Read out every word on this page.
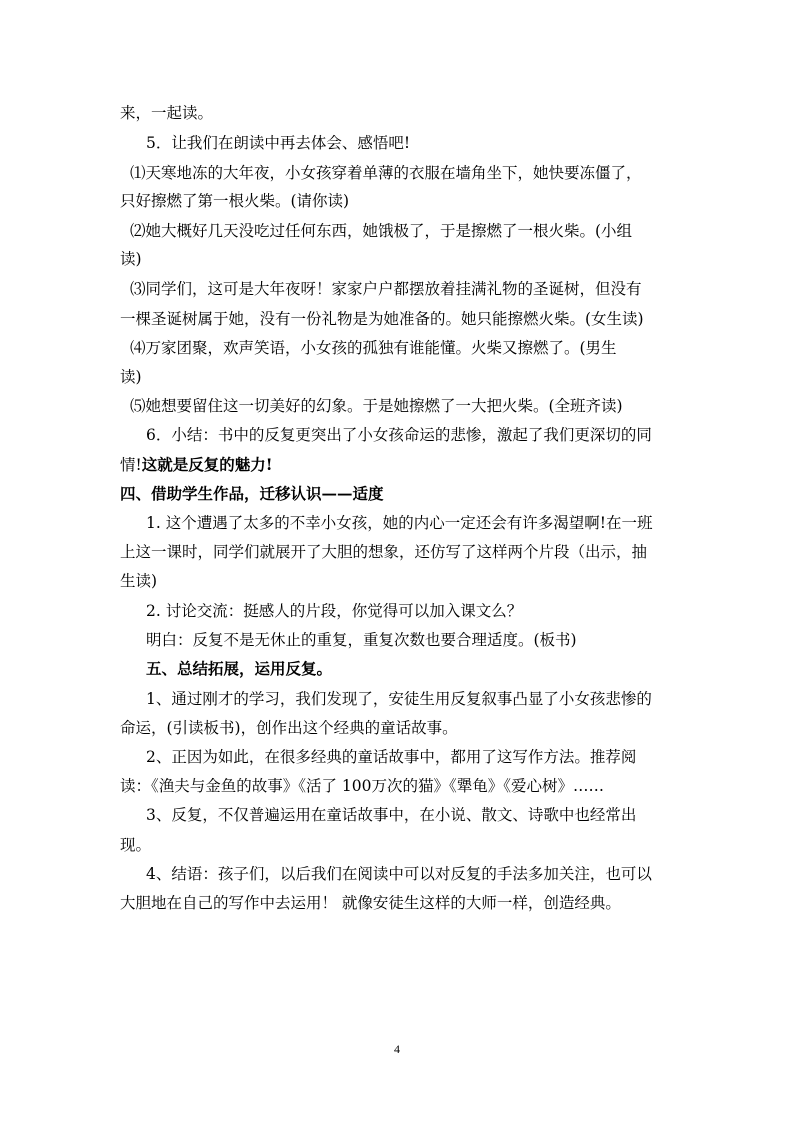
来，一起读。
5．让我们在朗读中再去体会、感悟吧!
⑴天寒地冻的大年夜，小女孩穿着单薄的衣服在墙角坐下，她快要冻僵了，
只好擦燃了第一根火柴。(请你读)
⑵她大概好几天没吃过任何东西，她饿极了，于是擦燃了一根火柴。(小组
读)
⑶同学们，这可是大年夜呀！家家户户都摆放着挂满礼物的圣诞树，但没有
一棵圣诞树属于她，没有一份礼物是为她准备的。她只能擦燃火柴。(女生读)
⑷万家团聚，欢声笑语，小女孩的孤独有谁能懂。火柴又擦燃了。(男生
读)
⑸她想要留住这一切美好的幻象。于是她擦燃了一大把火柴。(全班齐读)
6．小结：书中的反复更突出了小女孩命运的悲惨，激起了我们更深切的同
情!这就是反复的魅力!
四、借助学生作品，迁移认识——适度
1. 这个遭遇了太多的不幸小女孩，她的内心一定还会有许多渴望啊!在一班
上这一课时，同学们就展开了大胆的想象，还仿写了这样两个片段（出示，抽
生读)
2. 讨论交流：挺感人的片段，你觉得可以加入课文么？
明白：反复不是无休止的重复，重复次数也要合理适度。(板书)
五、总结拓展，运用反复。
1、通过刚才的学习，我们发现了，安徒生用反复叙事凸显了小女孩悲惨的
命运，(引读板书)，创作出这个经典的童话故事。
2、正因为如此，在很多经典的童话故事中，都用了这写作方法。推荐阅
读：《渔夫与金鱼的故事》《活了 100万次的猫》《犟龟》《爱心树》……
3、反复，不仅普遍运用在童话故事中，在小说、散文、诗歌中也经常出
现。
4、结语：孩子们，以后我们在阅读中可以对反复的手法多加关注，也可以
大胆地在自己的写作中去运用！ 就像安徒生这样的大师一样，创造经典。
4
